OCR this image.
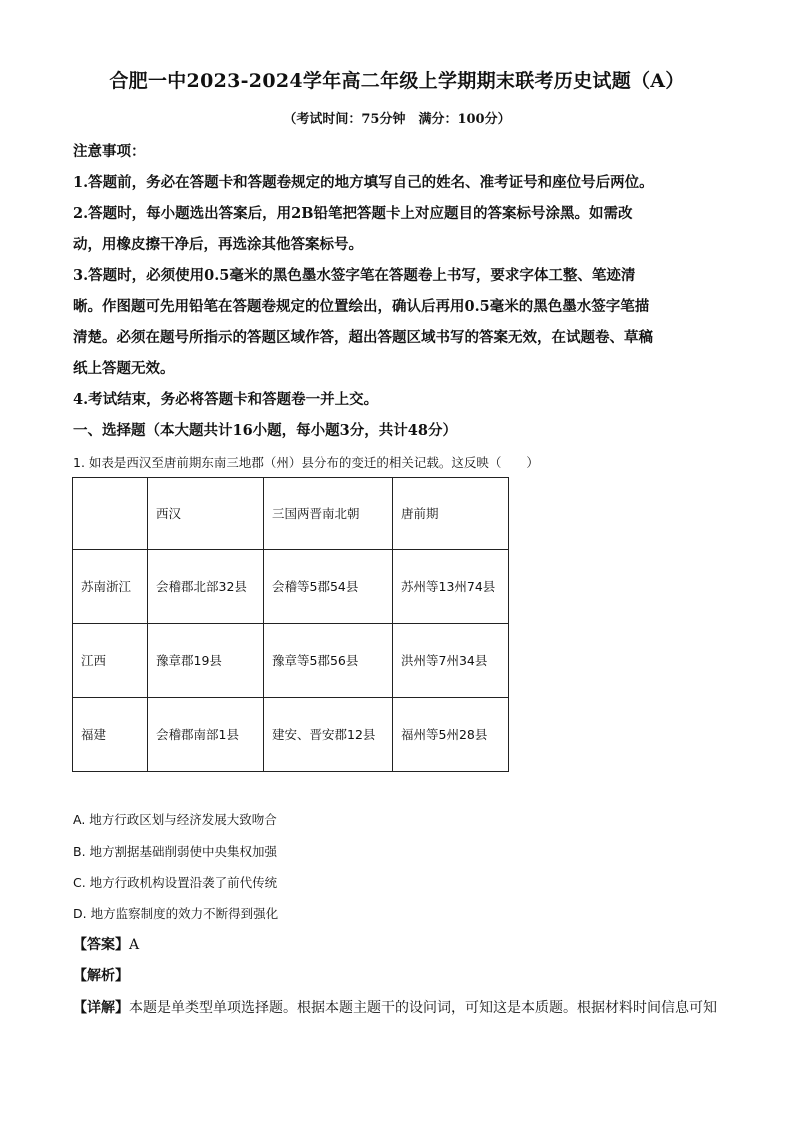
合肥一中2023-2024学年高二年级上学期期末联考历史试题（A）
（考试时间：75分钟　满分：100分）

注意事项：

1.答题前，务必在答题卡和答题卷规定的地方填写自己的姓名、准考证号和座位号后两位。

2.答题时，每小题选出答案后，用2B铅笔把答题卡上对应题目的答案标号涂黑。如需改

动，用橡皮擦干净后，再选涂其他答案标号。

3.答题时，必须使用0.5毫米的黑色墨水签字笔在答题卷上书写，要求字体工整、笔迹清

晰。作图题可先用铅笔在答题卷规定的位置绘出，确认后再用0.5毫米的黑色墨水签字笔描

清楚。必须在题号所指示的答题区域作答，超出答题区域书写的答案无效，在试题卷、草稿

纸上答题无效。

4.考试结束，务必将答题卡和答题卷一并上交。

一、选择题（本大题共计16小题，每小题3分，共计48分）

1. 如表是西汉至唐前期东南三地郡（州）县分布的变迁的相关记载。这反映（　　）
	西汉	三国两晋南北朝	唐前期
苏南浙江	会稽郡北部32县	会稽等5郡54县	苏州等13州74县
江西	豫章郡19县	豫章等5郡56县	洪州等7州34县
福建	会稽郡南部1县	建安、晋安郡12县	福州等5州28县
A. 地方行政区划与经济发展大致吻合
B. 地方割据基础削弱使中央集权加强
C. 地方行政机构设置沿袭了前代传统
D. 地方监察制度的效力不断得到强化
【答案】A
【解析】
【详解】本题是单类型单项选择题。根据本题主题干的设问词，可知这是本质题。根据材料时间信息可知
